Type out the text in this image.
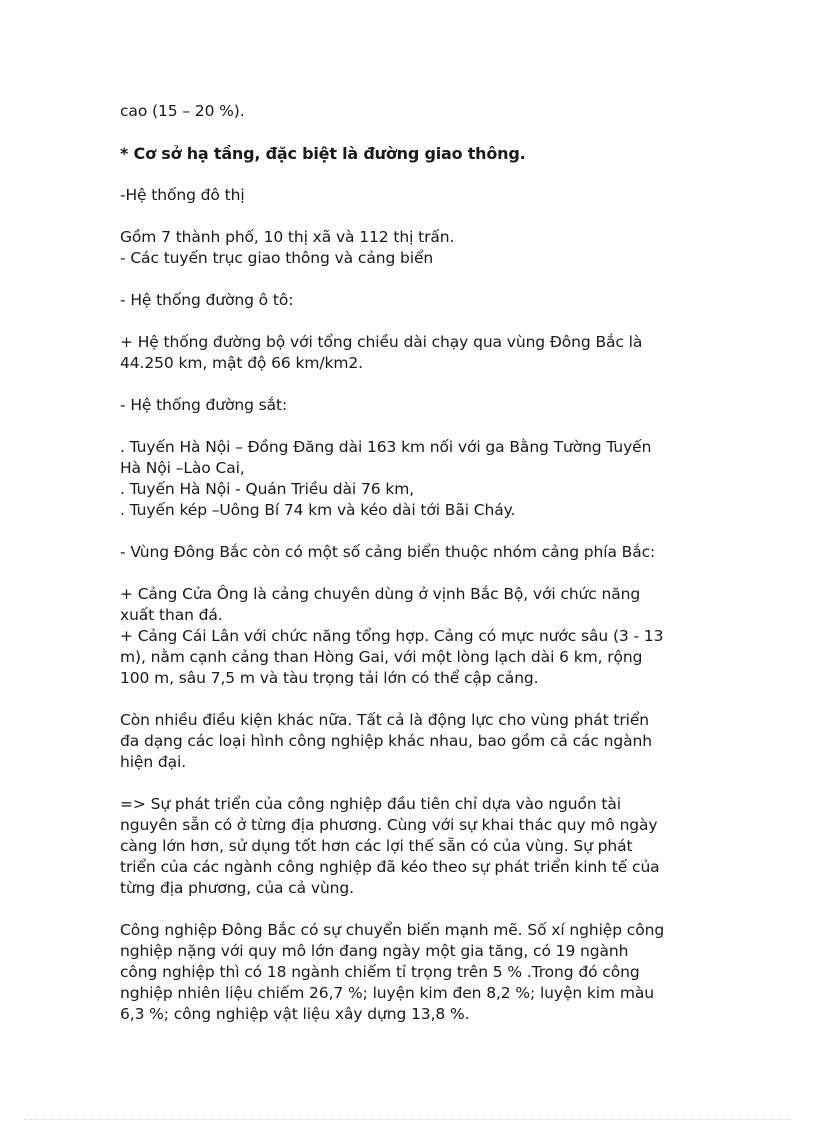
cao (15 – 20 %).
* Cơ sở hạ tầng, đặc biệt là đường giao thông.
-Hệ thống đô thị
Gồm 7 thành phố, 10 thị xã và 112 thị trấn.
- Các tuyến trục giao thông và cảng biển
- Hệ thống đường ô tô:
+ Hệ thống đường bộ với tổng chiều dài chạy qua vùng Đông Bắc là
44.250 km, mật độ 66 km/km2.
- Hệ thống đường sắt:
. Tuyến Hà Nội – Đồng Đăng dài 163 km nối với ga Bằng Tường Tuyến
Hà Nội –Lào Cai,
. Tuyến Hà Nội - Quán Triều dài 76 km,
. Tuyến kép –Uông Bí 74 km và kéo dài tới Bãi Cháy.
- Vùng Đông Bắc còn có một số cảng biển thuộc nhóm cảng phía Bắc:
+ Cảng Cửa Ông là cảng chuyên dùng ở vịnh Bắc Bộ, với chức năng
xuất than đá.
+ Cảng Cái Lân với chức năng tổng hợp. Cảng có mực nước sâu (3 - 13
m), nằm cạnh cảng than Hòng Gai, với một lòng lạch dài 6 km, rộng
100 m, sâu 7,5 m và tàu trọng tải lớn có thể cập cảng.
Còn nhiều điều kiện khác nữa. Tất cả là động lực cho vùng phát triển
đa dạng các loại hình công nghiệp khác nhau, bao gồm cả các ngành
hiện đại.
=> Sự phát triển của công nghiệp đầu tiên chỉ dựa vào nguồn tài
nguyên sẵn có ở từng địa phương. Cùng với sự khai thác quy mô ngày
càng lớn hơn, sử dụng tốt hơn các lợi thế sẵn có của vùng. Sự phát
triển của các ngành công nghiệp đã kéo theo sự phát triển kinh tế của
từng địa phương, của cả vùng.
Công nghiệp Đông Bắc có sự chuyển biến mạnh mẽ. Số xí nghiệp công
nghiệp nặng với quy mô lớn đang ngày một gia tăng, có 19 ngành
công nghiệp thì có 18 ngành chiếm tỉ trọng trên 5 % .Trong đó công
nghiệp nhiên liệu chiếm 26,7 %; luyện kim đen 8,2 %; luyện kim màu
6,3 %; công nghiệp vật liệu xây dựng 13,8 %.
